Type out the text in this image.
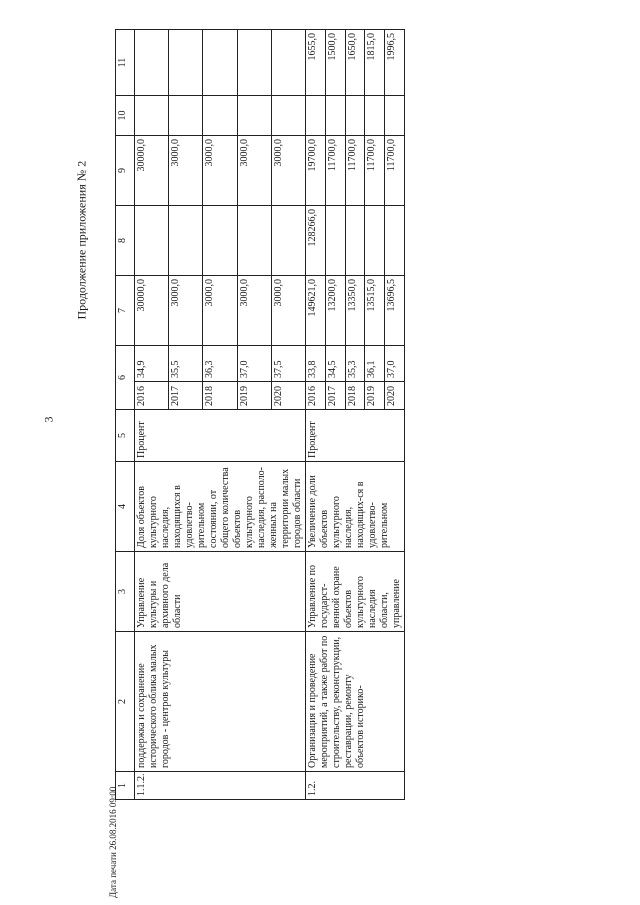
3
Продолжение приложения № 2
1	2	3	4	5	6		7	8	9	10	11
1.1.2.	поддержка и сохранение исторического облика малых городов - центров культуры	Управление культуры и архивного дела области	Доля объектов культурного наследия, находящихся в удовлетво-рительном состоянии, от общего количества объектов культурного наследия, располо-женных на территории малых городов области	Процент	2016	34,9	30000,0		30000,0		
					2017	35,5	3000,0		3000,0		
					2018	36,3	3000,0		3000,0		
					2019	37,0	3000,0		3000,0		
					2020	37,5	3000,0		3000,0		
1.2.	Организация и проведение мероприятий, а также работ по строительству, реконструкции, реставрации, ремонту объектов историко-	Управление по государст-венной охране объектов культурного наследия области, управление	Увеличение доли объектов культурного наследия, находящих-ся в удовлетво-рительном	Процент	2016	33,8	149621,0	128266,0	19700,0		1655,0
					2017	34,5	13200,0		11700,0		1500,0
					2018	35,3	13350,0		11700,0		1650,0
					2019	36,1	13515,0		11700,0		1815,0
					2020	37,0	13696,5		11700,0		1996,5
Дата печати 26.08.2016 09:00
